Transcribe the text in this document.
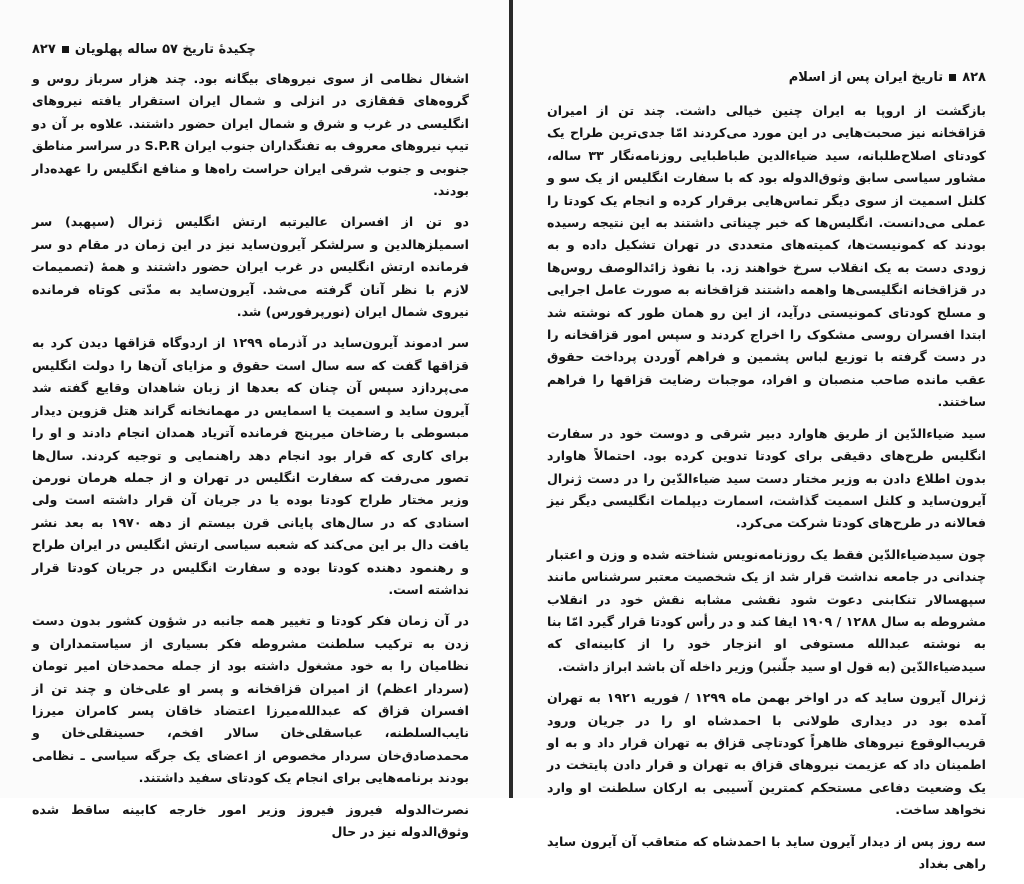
چکیدهٔ تاریخ ۵۷ ساله پهلویان
۸۲۷

اشغال نظامی از سوی نیروهای بیگانه بود. چند هزار سرباز روس و گروه‌های قفقازی در انزلی و شمال ایران استقرار یافته نیروهای انگلیسی در غرب و شرق و شمال ایران حضور داشتند. علاوه بر آن دو تیپ نیروهای معروف به تفنگداران جنوب ایران S.P.R در سراسر مناطق جنوبی و جنوب شرقی ایران حراست راه‌ها و منافع انگلیس را عهده‌دار بودند.

دو تن از افسران عالیرتبه ارتش انگلیس ژنرال (سپهبد) سر اسمیلزهالدین و سرلشکر آیرون‌ساید نیز در این زمان در مقام دو سر فرمانده ارتش انگلیس در غرب ایران حضور داشتند و همهٔ (تصمیمات لازم با نظر آنان گرفته می‌شد. آیرون‌ساید به مدّتی کوتاه فرمانده نیروی شمال ایران (نورپرفورس) شد.

سر ادموند آیرون‌ساید در آذرماه ۱۲۹۹ از اردوگاه قزاقها دیدن کرد به قزاقها گفت که سه سال است حقوق و مزایای آن‌ها را دولت انگلیس می‌پردازد سپس آن چنان که بعدها از زبان شاهدان وقایع گفته شد آیرون ساید و اسمیت یا اسمایس در مهمانخانه گراند هتل قزوین دیدار مبسوطی با رضاخان میرپنج فرمانده آتریاد همدان انجام دادند و او را برای کاری که قرار بود انجام دهد راهنمایی و توجیه کردند. سال‌ها تصور می‌رفت که سفارت انگلیس در تهران و از جمله هرمان نورمن وزیر مختار طراح کودتا بوده یا در جریان آن قرار داشته است ولی اسنادی که در سال‌های پایانی قرن بیستم از دهه ۱۹۷۰ به بعد نشر یافت دال بر این می‌کند که شعبه سیاسی ارتش انگلیس در ایران طراح و رهنمود دهنده کودتا بوده و سفارت انگلیس در جریان کودتا قرار نداشته است.

در آن زمان فکر کودتا و تغییر همه جانبه در شؤون کشور بدون دست زدن به ترکیب سلطنت مشروطه فکر بسیاری از سیاستمداران و نظامیان را به خود مشغول داشته بود از جمله محمدخان امیر تومان (سردار اعظم) از امیران قزاقخانه و پسر او علی‌خان و چند تن از افسران قزاق که عبدالله‌میرزا اعتضاد خاقان پسر کامران میرزا نایب‌السلطنه، عباسقلی‌خان سالار افخم، حسینقلی‌خان و محمدصادق‌خان سردار مخصوص از اعضای یک جرگه سیاسی ـ نظامی بودند برنامه‌هایی برای انجام یک کودتای سفید داشتند.

نصرت‌الدوله فیروز فیروز وزیر امور خارجه کابینه ساقط شده وثوق‌الدوله نیز در حال

۸۲۸
تاریخ ایران پس از اسلام

بازگشت از اروپا به ایران چنین خیالی داشت. چند تن از امیران قزاقخانه نیز صحبت‌هایی در این مورد می‌کردند امّا جدی‌ترین طراح یک کودتای اصلاح‌طلبانه، سید ضیاءالدین طباطبایی روزنامه‌نگار ۳۳ ساله، مشاور سیاسی سابق وثوق‌الدوله بود که با سفارت انگلیس از یک سو و کلنل اسمیت از سوی دیگر تماس‌هایی برقرار کرده و انجام یک کودتا را عملی می‌دانست. انگلیس‌ها که خبر چیناتی داشتند به این نتیجه رسیده بودند که کمونیست‌ها، کمیته‌های متعددی در تهران تشکیل داده و به زودی دست به یک انقلاب سرخ خواهند زد. با نفوذ زائدالوصف روس‌ها در قزاقخانه انگلیسی‌ها واهمه داشتند قزاقخانه به صورت عامل اجرایی و مسلح کودتای کمونیستی درآید، از این رو همان طور که نوشته شد ابتدا افسران روسی مشکوک را اخراج کردند و سپس امور قزاقخانه را در دست گرفته با توزیع لباس پشمین و فراهم آوردن پرداخت حقوق عقب مانده صاحب منصبان و افراد، موجبات رضایت قزاقها را فراهم ساختند.

سید ضیاءالدّین از طریق هاوارد دبیر شرقی و دوست خود در سفارت انگلیس طرح‌های دقیقی برای کودتا تدوین کرده بود. احتمالاً هاوارد بدون اطلاع دادن به وزیر مختار دست سید ضیاءالدّین را در دست ژنرال آیرون‌ساید و کلنل اسمیت گذاشت، اسمارت دیپلمات انگلیسی دیگر نیز فعالانه در طرح‌های کودتا شرکت می‌کرد.

چون سیدضیاءالدّین فقط یک روزنامه‌نویس شناخته شده و وزن و اعتبار چندانی در جامعه نداشت قرار شد از یک شخصیت معتبر سرشناس مانند سپهسالار تنکابنی دعوت شود نقشی مشابه نقش خود در انقلاب مشروطه به سال ۱۲۸۸ / ۱۹۰۹ ایفا کند و در رأس کودتا قرار گیرد امّا بنا به نوشته عبدالله مستوفی او انزجار خود را از کابینه‌ای که سیدضیاءالدّین (به قول او سید جلّنبر) وزیر داخله آن باشد ابراز داشت.

ژنرال آیرون ساید که در اواخر بهمن ماه ۱۲۹۹ / فوریه ۱۹۲۱ به تهران آمده بود در دیداری طولانی با احمدشاه او را در جریان ورود قریب‌الوقوع نیروهای ظاهراً کودتاچی قزاق به تهران قرار داد و به او اطمینان داد که عزیمت نیروهای قزاق به تهران و قرار دادن پایتخت در یک وضعیت دفاعی مستحکم کمترین آسیبی به ارکان سلطنت او وارد نخواهد ساخت.

سه روز پس از دیدار آیرون ساید با احمدشاه که متعاقب آن آیرون ساید راهی بغداد
